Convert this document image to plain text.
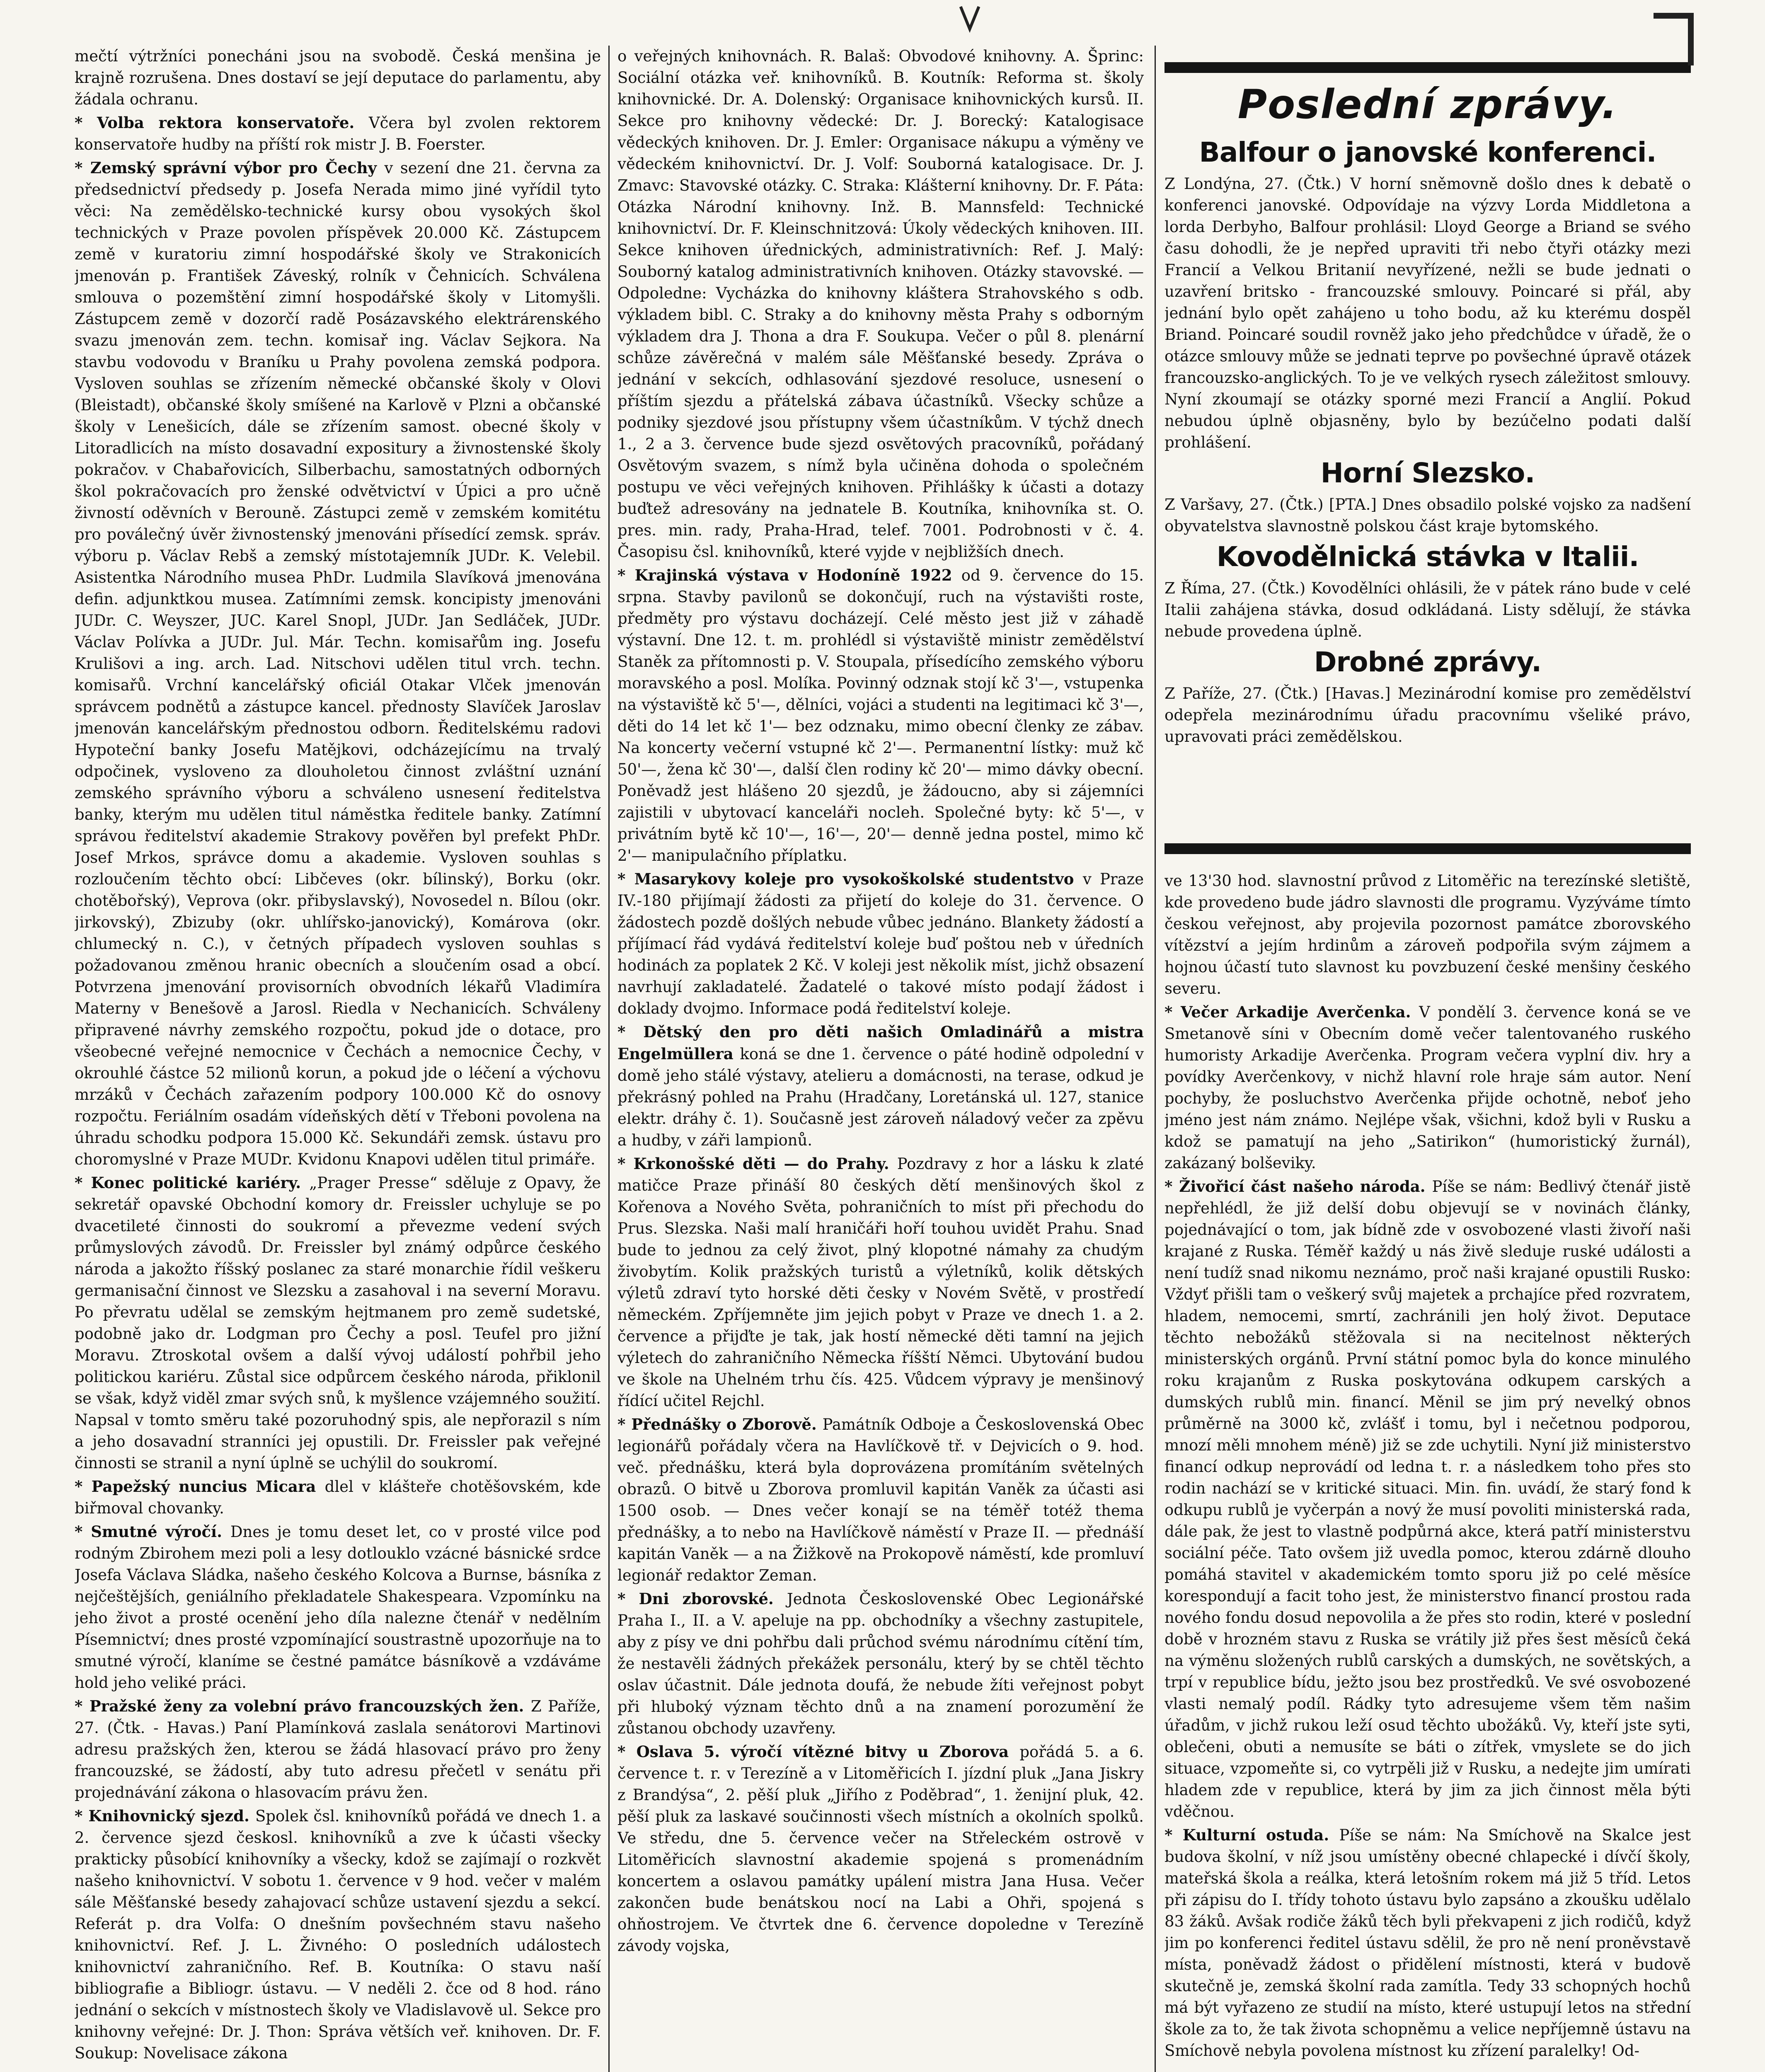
mečtí výtržníci ponecháni jsou na svobodě. Česká menšina je krajně rozrušena. Dnes dostaví se její deputace do parlamentu, aby žádala ochranu.

* Volba rektora konservatoře. Včera byl zvolen rektorem konservatoře hudby na příští rok mistr J. B. Foerster.

* Zemský správní výbor pro Čechy v sezení dne 21. června za předsednictví předsedy p. Josefa Nerada mimo jiné vyřídil tyto věci: Na zemědělsko-technické kursy obou vysokých škol technických v Praze povolen příspěvek 20.000 Kč. Zástupcem země v kuratoriu zimní hospodářské školy ve Strakonicích jmenován p. František Záveský, rolník v Čehnicích. Schválena smlouva o pozemštění zimní hospodářské školy v Litomyšli. Zástupcem země v dozorčí radě Posázavského elektrárenského svazu jmenován zem. techn. komisař ing. Václav Sejkora. Na stavbu vodovodu v Braníku u Prahy povolena zemská podpora. Vysloven souhlas se zřízením německé občanské školy v Olovi (Bleistadt), občanské školy smíšené na Karlově v Plzni a občanské školy v Lenešicích, dále se zřízením samost. obecné školy v Litoradlicích na místo dosavadní expositury a živnostenské školy pokračov. v Chabařovicích, Silberbachu, samostatných odborných škol pokračovacích pro ženské odvětvictví v Úpici a pro učně živností oděvních v Berouně. Zástupci země v zemském komitétu pro poválečný úvěr živnostenský jmenováni přísedící zemsk. správ. výboru p. Václav Rebš a zemský místotajemník JUDr. K. Velebil. Asistentka Národního musea PhDr. Ludmila Slavíková jmenována defin. adjunktkou musea. Zatímními zemsk. koncipisty jmenováni JUDr. C. Weyszer, JUC. Karel Snopl, JUDr. Jan Sedláček, JUDr. Václav Polívka a JUDr. Jul. Már. Techn. komisařům ing. Josefu Krulišovi a ing. arch. Lad. Nitschovi udělen titul vrch. techn. komisařů. Vrchní kancelářský oficiál Otakar Vlček jmenován správcem podnětů a zástupce kancel. přednosty Slavíček Jaroslav jmenován kancelářským přednostou odborn. Ředitelskému radovi Hypoteční banky Josefu Matějkovi, odcházejícímu na trvalý odpočinek, vysloveno za dlouholetou činnost zvláštní uznání zemského správního výboru a schváleno usnesení ředitelstva banky, kterým mu udělen titul náměstka ředitele banky. Zatímní správou ředitelství akademie Strakovy pověřen byl prefekt PhDr. Josef Mrkos, správce domu a akademie. Vysloven souhlas s rozloučením těchto obcí: Libčeves (okr. bílinský), Borku (okr. chotěbořský), Veprova (okr. přibyslavský), Novosedel n. Bílou (okr. jirkovský), Zbizuby (okr. uhlířsko-janovický), Komárova (okr. chlumecký n. C.), v četných případech vysloven souhlas s požadovanou změnou hranic obecních a sloučením osad a obcí. Potvrzena jmenování provisorních obvodních lékařů Vladimíra Materny v Benešově a Jarosl. Riedla v Nechanicích. Schváleny připravené návrhy zemského rozpočtu, pokud jde o dotace, pro všeobecné veřejné nemocnice v Čechách a nemocnice Čechy, v okrouhlé částce 52 milionů korun, a pokud jde o léčení a výchovu mrzáků v Čechách zařazením podpory 100.000 Kč do osnovy rozpočtu. Feriálním osadám vídeňských dětí v Třeboni povolena na úhradu schodku podpora 15.000 Kč. Sekundáři zemsk. ústavu pro choromyslné v Praze MUDr. Kvidonu Knapovi udělen titul primáře.

* Konec politické kariéry. „Prager Presse“ sděluje z Opavy, že sekretář opavské Obchodní komory dr. Freissler uchyluje se po dvacetileté činnosti do soukromí a převezme vedení svých průmyslových závodů. Dr. Freissler byl známý odpůrce českého národa a jakožto říšský poslanec za staré monarchie řídil veškeru germanisační činnost ve Slezsku a zasahoval i na severní Moravu. Po převratu udělal se zemským hejtmanem pro země sudetské, podobně jako dr. Lodgman pro Čechy a posl. Teufel pro jižní Moravu. Ztroskotal ovšem a další vývoj událostí pohřbil jeho politickou kariéru. Zůstal sice odpůrcem českého národa, přiklonil se však, když viděl zmar svých snů, k myšlence vzájemného soužití. Napsal v tomto směru také pozoruhodný spis, ale nepřorazil s ním a jeho dosavadní stranníci jej opustili. Dr. Freissler pak veřejné činnosti se stranil a nyní úplně se uchýlil do soukromí.

* Papežský nuncius Micara dlel v klášteře chotěšovském, kde biřmoval chovanky.

* Smutné výročí. Dnes je tomu deset let, co v prosté vilce pod rodným Zbirohem mezi poli a lesy dotlouklo vzácné básnické srdce Josefa Václava Sládka, našeho českého Kolcova a Burnse, básníka z nejčeštějších, geniálního překladatele Shakespeara. Vzpomínku na jeho život a prosté ocenění jeho díla nalezne čtenář v nedělním Písemnictví; dnes prosté vzpomínající soustrastně upozorňuje na to smutné výročí, klaníme se čestné památce básníkově a vzdáváme hold jeho veliké práci.

* Pražské ženy za volební právo francouzských žen. Z Paříže, 27. (Čtk. - Havas.) Paní Plamínková zaslala senátorovi Martinovi adresu pražských žen, kterou se žádá hlasovací právo pro ženy francouzské, se žádostí, aby tuto adresu přečetl v senátu při projednávání zákona o hlasovacím právu žen.

* Knihovnický sjezd. Spolek čsl. knihovníků pořádá ve dnech 1. a 2. července sjezd českosl. knihovníků a zve k účasti všecky prakticky působící knihovníky a všecky, kdož se zajímají o rozkvět našeho knihovnictví. V sobotu 1. července v 9 hod. večer v malém sále Měšťanské besedy zahajovací schůze ustavení sjezdu a sekcí. Referát p. dra Volfa: O dnešním povšechném stavu našeho knihovnictví. Ref. J. L. Živného: O posledních událostech knihovnictví zahraničního. Ref. B. Koutníka: O stavu naší bibliografie a Bibliogr. ústavu. — V neděli 2. čce od 8 hod. ráno jednání o sekcích v místnostech školy ve Vladislavově ul. Sekce pro knihovny veřejné: Dr. J. Thon: Správa větších veř. knihoven. Dr. F. Soukup: Novelisace zákona

o veřejných knihovnách. R. Balaš: Obvodové knihovny. A. Šprinc: Sociální otázka veř. knihovníků. B. Koutník: Reforma st. školy knihovnické. Dr. A. Dolenský: Organisace knihovnických kursů. II. Sekce pro knihovny vědecké: Dr. J. Borecký: Katalogisace vědeckých knihoven. Dr. J. Emler: Organisace nákupu a výměny ve vědeckém knihovnictví. Dr. J. Volf: Souborná katalogisace. Dr. J. Zmavc: Stavovské otázky. C. Straka: Klášterní knihovny. Dr. F. Páta: Otázka Národní knihovny. Inž. B. Mannsfeld: Technické knihovnictví. Dr. F. Kleinschnitzová: Úkoly vědeckých knihoven. III. Sekce knihoven úřednických, administrativních: Ref. J. Malý: Souborný katalog administrativních knihoven. Otázky stavovské. — Odpoledne: Vycházka do knihovny kláštera Strahovského s odb. výkladem bibl. C. Straky a do knihovny města Prahy s odborným výkladem dra J. Thona a dra F. Soukupa. Večer o půl 8. plenární schůze závěrečná v malém sále Měšťanské besedy. Zpráva o jednání v sekcích, odhlasování sjezdové resoluce, usnesení o příštím sjezdu a přátelská zábava účastníků. Všecky schůze a podniky sjezdové jsou přístupny všem účastníkům. V týchž dnech 1., 2 a 3. července bude sjezd osvětových pracovníků, pořádaný Osvětovým svazem, s nímž byla učiněna dohoda o společném postupu ve věci veřejných knihoven. Přihlášky k účasti a dotazy buďtež adresovány na jednatele B. Koutníka, knihovníka st. O. pres. min. rady, Praha-Hrad, telef. 7001. Podrobnosti v č. 4. Časopisu čsl. knihovníků, které vyjde v nejbližších dnech.

* Krajinská výstava v Hodoníně 1922 od 9. července do 15. srpna. Stavby pavilonů se dokončují, ruch na výstavišti roste, předměty pro výstavu docházejí. Celé město jest již v záhadě výstavní. Dne 12. t. m. prohlédl si výstaviště ministr zemědělství Staněk za přítomnosti p. V. Stoupala, přísedícího zemského výboru moravského a posl. Molíka. Povinný odznak stojí kč 3'—, vstupenka na výstaviště kč 5'—, dělníci, vojáci a studenti na legitimaci kč 3'—, děti do 14 let kč 1'— bez odznaku, mimo obecní členky ze zábav. Na koncerty večerní vstupné kč 2'—. Permanentní lístky: muž kč 50'—, žena kč 30'—, další člen rodiny kč 20'— mimo dávky obecní. Poněvadž jest hlášeno 20 sjezdů, je žádoucno, aby si zájemníci zajistili v ubytovací kanceláři nocleh. Společné byty: kč 5'—, v privátním bytě kč 10'—, 16'—, 20'— denně jedna postel, mimo kč 2'— manipulačního příplatku.

* Masarykovy koleje pro vysokoškolské studentstvo v Praze IV.-180 přijímají žádosti za přijetí do koleje do 31. července. O žádostech pozdě došlých nebude vůbec jednáno. Blankety žádostí a příjímací řád vydává ředitelství koleje buď poštou neb v úředních hodinách za poplatek 2 Kč. V koleji jest několik míst, jichž obsazení navrhují zakladatelé. Žadatelé o takové místo podají žádost i doklady dvojmo. Informace podá ředitelství koleje.

* Dětský den pro děti našich Omladinářů a mistra Engelmüllera koná se dne 1. července o páté hodině odpolední v domě jeho stálé výstavy, atelieru a domácnosti, na terase, odkud je překrásný pohled na Prahu (Hradčany, Loretánská ul. 127, stanice elektr. dráhy č. 1). Současně jest zároveň náladový večer za zpěvu a hudby, v záři lampionů.

* Krkonošské děti — do Prahy. Pozdravy z hor a lásku k zlaté matičce Praze přináší 80 českých dětí menšinových škol z Kořenova a Nového Světa, pohraničních to míst při přechodu do Prus. Slezska. Naši malí hraničáři hoří touhou uvidět Prahu. Snad bude to jednou za celý život, plný klopotné námahy za chudým živobytím. Kolik pražských turistů a výletníků, kolik dětských výletů zdraví tyto horské děti česky v Novém Světě, v prostředí německém. Zpříjemněte jim jejich pobyt v Praze ve dnech 1. a 2. července a přijďte je tak, jak hostí německé děti tamní na jejich výletech do zahraničního Německa říšští Němci. Ubytování budou ve škole na Uhelném trhu čís. 425. Vůdcem výpravy je menšinový řídící učitel Rejchl.

* Přednášky o Zborově. Památník Odboje a Československá Obec legionářů pořádaly včera na Havlíčkově tř. v Dejvicích o 9. hod. več. přednášku, která byla doprovázena promítáním světelných obrazů. O bitvě u Zborova promluvil kapitán Vaněk za účasti asi 1500 osob. — Dnes večer konají se na téměř totéž thema přednášky, a to nebo na Havlíčkově náměstí v Praze II. — přednáší kapitán Vaněk — a na Žižkově na Prokopově náměstí, kde promluví legionář redaktor Zeman.

* Dni zborovské. Jednota Československé Obec Legionářské Praha I., II. a V. apeluje na pp. obchodníky a všechny zastupitele, aby z písy ve dni pohřbu dali průchod svému národnímu cítění tím, že nestavěli žádných překážek personálu, který by se chtěl těchto oslav účastnit. Dále jednota doufá, že nebude žíti veřejnost pobyt při hluboký význam těchto dnů a na znamení porozumění že zůstanou obchody uzavřeny.

* Oslava 5. výročí vítězné bitvy u Zborova pořádá 5. a 6. července t. r. v Terezíně a v Litoměřicích I. jízdní pluk „Jana Jiskry z Brandýsa“, 2. pěší pluk „Jiřího z Poděbrad“, 1. ženijní pluk, 42. pěší pluk za laskavé součinnosti všech místních a okolních spolků. Ve středu, dne 5. července večer na Střeleckém ostrově v Litoměřicích slavnostní akademie spojená s promenádním koncertem a oslavou památky upálení mistra Jana Husa. Večer zakončen bude benátskou nocí na Labi a Ohři, spojená s ohňostrojem. Ve čtvrtek dne 6. července dopoledne v Terezíně závody vojska,

Poslední zprávy.
Balfour o janovské konferenci.

Z Londýna, 27. (Čtk.) V horní sněmovně došlo dnes k debatě o konferenci janovské. Odpovídaje na výzvy Lorda Middletona a lorda Derbyho, Balfour prohlásil: Lloyd George a Briand se svého času dohodli, že je nepřed upraviti tři nebo čtyři otázky mezi Francií a Velkou Britanií nevyřízené, nežli se bude jednati o uzavření britsko - francouzské smlouvy. Poincaré si přál, aby jednání bylo opět zahájeno u toho bodu, až ku kterému dospěl Briand. Poincaré soudil rovněž jako jeho předchůdce v úřadě, že o otázce smlouvy může se jednati teprve po povšechné úpravě otázek francouzsko-anglických. To je ve velkých rysech záležitost smlouvy. Nyní zkoumají se otázky sporné mezi Francií a Anglií. Pokud nebudou úplně objasněny, bylo by bezúčelno podati další prohlášení.

Horní Slezsko.

Z Varšavy, 27. (Čtk.) [PTA.] Dnes obsadilo polské vojsko za nadšení obyvatelstva slavnostně polskou část kraje bytomského.

Kovodělnická stávka v Italii.

Z Říma, 27. (Čtk.) Kovodělníci ohlásili, že v pátek ráno bude v celé Italii zahájena stávka, dosud odkládaná. Listy sdělují, že stávka nebude provedena úplně.

Drobné zprávy.

Z Paříže, 27. (Čtk.) [Havas.] Mezinárodní komise pro zemědělství odepřela mezinárodnímu úřadu pracovnímu všeliké právo, upravovati práci zemědělskou.

ve 13'30 hod. slavnostní průvod z Litoměřic na terezínské sletiště, kde provedeno bude jádro slavnosti dle programu. Vyzýváme tímto českou veřejnost, aby projevila pozornost památce zborovského vítězství a jejím hrdinům a zároveň podpořila svým zájmem a hojnou účastí tuto slavnost ku povzbuzení české menšiny českého severu.

* Večer Arkadije Averčenka. V pondělí 3. července koná se ve Smetanově síni v Obecním domě večer talentovaného ruského humoristy Arkadije Averčenka. Program večera vyplní div. hry a povídky Averčenkovy, v nichž hlavní role hraje sám autor. Není pochyby, že posluchstvo Averčenka přijde ochotně, neboť jeho jméno jest nám známo. Nejlépe však, všichni, kdož byli v Rusku a kdož se pamatují na jeho „Satirikon“ (humoristický žurnál), zakázaný bolševiky.

* Živořicí část našeho národa. Píše se nám: Bedlivý čtenář jistě nepřehlédl, že již delší dobu objevují se v novinách články, pojednávající o tom, jak bídně zde v osvobozené vlasti živoří naši krajané z Ruska. Téměř každý u nás živě sleduje ruské události a není tudíž snad nikomu neznámo, proč naši krajané opustili Rusko: Vždyť přišli tam o veškerý svůj majetek a prchajíce před rozvratem, hladem, nemocemi, smrtí, zachránili jen holý život. Deputace těchto nebožáků stěžovala si na necitelnost některých ministerských orgánů. První státní pomoc byla do konce minulého roku krajanům z Ruska poskytována odkupem carských a dumských rublů min. financí. Měnil se jim prý nevelký obnos průměrně na 3000 kč, zvlášť i tomu, byl i nečetnou podporou, mnozí měli mnohem méně) již se zde uchytili. Nyní již ministerstvo financí odkup neprovádí od ledna t. r. a následkem toho přes sto rodin nachází se v kritické situaci. Min. fin. uvádí, že starý fond k odkupu rublů je vyčerpán a nový že musí povoliti ministerská rada, dále pak, že jest to vlastně podpůrná akce, která patří ministerstvu sociální péče. Tato ovšem již uvedla pomoc, kterou zdárně dlouho pomáhá stavitel v akademickém tomto sporu již po celé měsíce korespondují a facit toho jest, že ministerstvo financí prostou rada nového fondu dosud nepovolila a že přes sto rodin, které v poslední době v hrozném stavu z Ruska se vrátily již přes šest měsíců čeká na výměnu složených rublů carských a dumských, ne sovětských, a trpí v republice bídu, ježto jsou bez prostředků. Ve své osvobozené vlasti nemalý podíl. Rádky tyto adresujeme všem těm našim úřadům, v jichž rukou leží osud těchto ubožáků. Vy, kteří jste syti, oblečeni, obuti a nemusíte se báti o zítřek, vmyslete se do jich situace, vzpomeňte si, co vytrpěli již v Rusku, a nedejte jim umírati hladem zde v republice, která by jim za jich činnost měla býti vděčnou.

* Kulturní ostuda. Píše se nám: Na Smíchově na Skalce jest budova školní, v níž jsou umístěny obecné chlapecké i dívčí školy, mateřská škola a reálka, která letošním rokem má již 5 tříd. Letos při zápisu do I. třídy tohoto ústavu bylo zapsáno a zkoušku udělalo 83 žáků. Avšak rodiče žáků těch byli překvapeni z jich rodičů, když jim po konferenci ředitel ústavu sdělil, že pro ně není proněvstavě místa, poněvadž žádost o přidělení místnosti, která v budově skutečně je, zemská školní rada zamítla. Tedy 33 schopných hochů má být vyřazeno ze studií na místo, které ustupují letos na střední škole za to, že tak života schopněmu a velice nepříjemně ústavu na Smíchově nebyla povolena místnost ku zřízení paralelky! Od-
